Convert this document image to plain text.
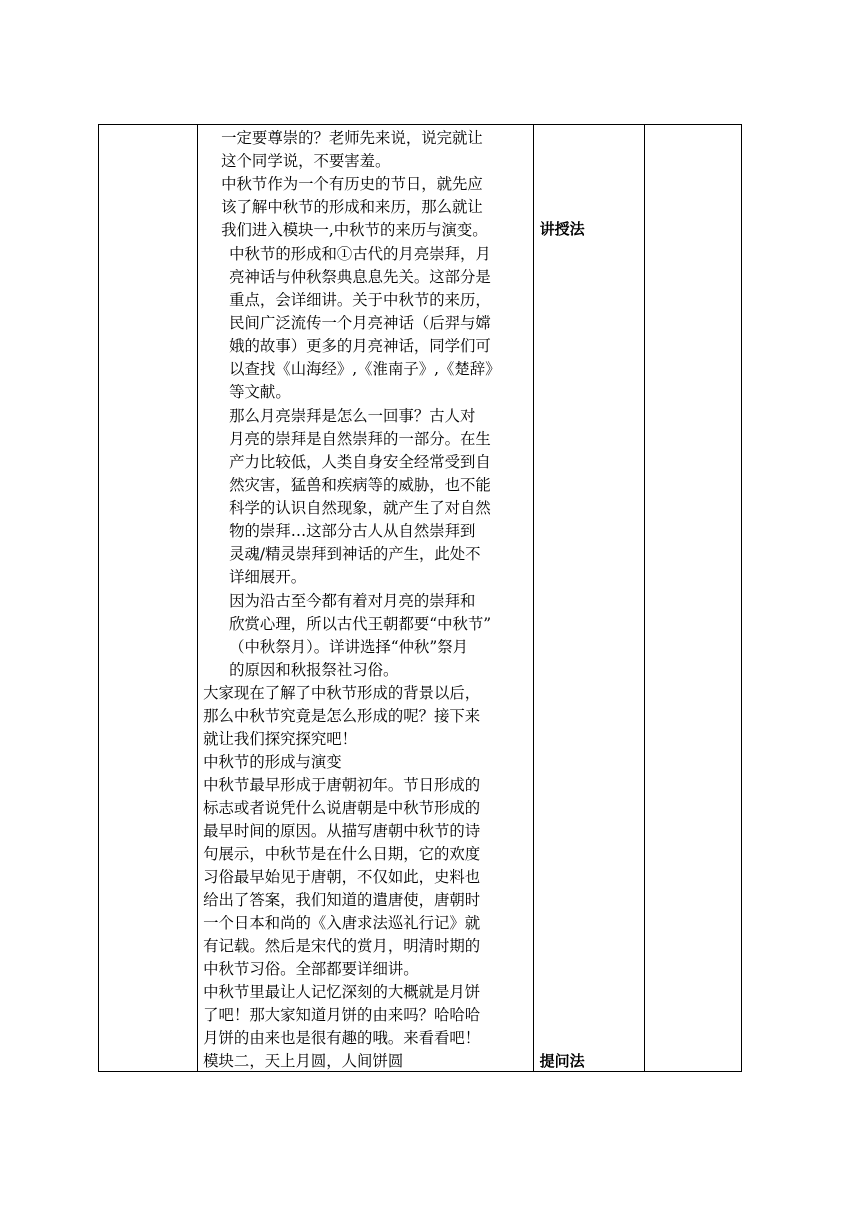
一定要尊崇的？老师先来说，说完就让
这个同学说，不要害羞。
中秋节作为一个有历史的节日，就先应
该了解中秋节的形成和来历，那么就让
我们进入模块一,中秋节的来历与演变。
中秋节的形成和①古代的月亮崇拜，月
亮神话与仲秋祭典息息先关。这部分是
重点，会详细讲。关于中秋节的来历，
民间广泛流传一个月亮神话（后羿与嫦
娥的故事）更多的月亮神话，同学们可
以查找《山海经》,《淮南子》,《楚辞》
等文献。
那么月亮崇拜是怎么一回事？古人对
月亮的崇拜是自然崇拜的一部分。在生
产力比较低，人类自身安全经常受到自
然灾害，猛兽和疾病等的威胁，也不能
科学的认识自然现象，就产生了对自然
物的崇拜…这部分古人从自然崇拜到
灵魂/精灵崇拜到神话的产生，此处不
详细展开。
因为沿古至今都有着对月亮的崇拜和
欣赏心理，所以古代王朝都要“中秋节”
（中秋祭月）。详讲选择“仲秋”祭月
的原因和秋报祭社习俗。
大家现在了解了中秋节形成的背景以后，
那么中秋节究竟是怎么形成的呢？接下来
就让我们探究探究吧！
中秋节的形成与演变
中秋节最早形成于唐朝初年。节日形成的
标志或者说凭什么说唐朝是中秋节形成的
最早时间的原因。从描写唐朝中秋节的诗
句展示，中秋节是在什么日期，它的欢度
习俗最早始见于唐朝，不仅如此，史料也
给出了答案，我们知道的遣唐使，唐朝时
一个日本和尚的《入唐求法巡礼行记》就
有记载。然后是宋代的赏月，明清时期的
中秋节习俗。全部都要详细讲。
中秋节里最让人记忆深刻的大概就是月饼
了吧！那大家知道月饼的由来吗？哈哈哈
月饼的由来也是很有趣的哦。来看看吧！
模块二，天上月圆，人间饼圆

讲授法
提问法
